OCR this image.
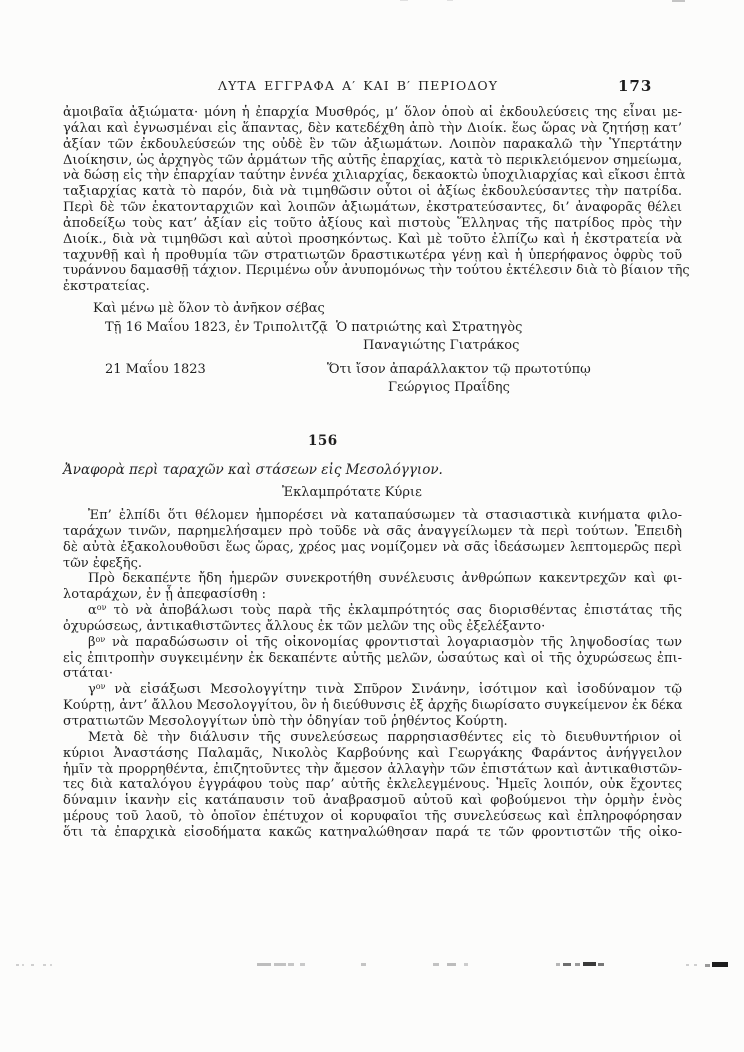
ΛΥΤΑ ΕΓΓΡΑΦΑ Α′ ΚΑΙ Β′ ΠΕΡΙΟΔΟΥ	173
ἀμοιβαῖα ἀξιώματα· μόνη ἡ ἐπαρχία Μυσθρός, μ’ ὅλον ὁποὺ αἱ ἐκδουλεύσεις της εἶναι με-
γάλαι καὶ ἐγνωσμέναι εἰς ἅπαντας, δὲν κατεδέχθη ἀπὸ τὴν Διοίκ. ἕως ὥρας νὰ ζητήσῃ κατ’
ἀξίαν τῶν ἐκδουλεύσεών της οὐδὲ ἓν τῶν ἀξιωμάτων. Λοιπὸν παρακαλῶ τὴν Ὑπερτάτην
Διοίκησιν, ὡς ἀρχηγὸς τῶν ἁρμάτων τῆς αὐτῆς ἐπαρχίας, κατὰ τὸ περικλειόμενον σημείωμα,
νὰ δώσῃ εἰς τὴν ἐπαρχίαν ταύτην ἐννέα χιλιαρχίας, δεκαοκτὼ ὑποχιλιαρχίας καὶ εἴκοσι ἑπτὰ
ταξιαρχίας κατὰ τὸ παρόν, διὰ νὰ τιμηθῶσιν οὗτοι οἱ ἀξίως ἐκδουλεύσαντες τὴν πατρίδα.
Περὶ δὲ τῶν ἑκατονταρχιῶν καὶ λοιπῶν ἀξιωμάτων, ἐκστρατεύσαντες, δι’ ἀναφορᾶς θέλει
ἀποδείξω τοὺς κατ’ ἀξίαν εἰς τοῦτο ἀξίους καὶ πιστοὺς Ἕλληνας τῆς πατρίδος πρὸς τὴν
Διοίκ., διὰ νὰ τιμηθῶσι καὶ αὐτοὶ προσηκόντως. Καὶ μὲ τοῦτο ἐλπίζω καὶ ἡ ἐκστρατεία νὰ
ταχυνθῇ καὶ ἡ προθυμία τῶν στρατιωτῶν δραστικωτέρα γένῃ καὶ ἡ ὑπερήφανος ὀφρὺς τοῦ
τυράννου δαμασθῇ τάχιον. Περιμένω οὖν ἀνυπομόνως τὴν τούτου ἐκτέλεσιν διὰ τὸ βίαιον τῆς
ἐκστρατείας.
Καὶ μένω μὲ ὅλον τὸ ἀνῆκον σέβας
Τῇ 16 Μαΐου 1823, ἐν Τριπολιτζᾷ Ὁ πατριώτης καὶ Στρατηγὸς
Παναγιώτης Γιατράκος
21 Μαΐου 1823	Ὅτι ἴσον ἀπαράλλακτον τῷ πρωτοτύπῳ
Γεώργιος Πραΐδης
156
Ἀναφορὰ περὶ ταραχῶν καὶ στάσεων εἰς Μεσολόγγιον.
Ἐκλαμπρότατε Κύριε
Ἐπ’ ἐλπίδι ὅτι θέλομεν ἠμπορέσει νὰ καταπαύσωμεν τὰ στασιαστικὰ κινήματα φιλο-
ταράχων τινῶν, παρημελήσαμεν πρὸ τοῦδε νὰ σᾶς ἀναγγείλωμεν τὰ περὶ τούτων. Ἐπειδὴ
δὲ αὐτὰ ἐξακολουθοῦσι ἕως ὥρας, χρέος μας νομίζομεν νὰ σᾶς ἰδεάσωμεν λεπτομερῶς περὶ
τῶν ἐφεξῆς.
Πρὸ δεκαπέντε ἤδη ἡμερῶν συνεκροτήθη συνέλευσις ἀνθρώπων κακεντρεχῶν καὶ φι-
λοταράχων, ἐν ᾗ ἀπεφασίσθη :
$\alpha^{o\nu}$ τὸ νὰ ἀποβάλωσι τοὺς παρὰ τῆς ἐκλαμπρότητός σας διορισθέντας ἐπιστάτας τῆς
ὀχυρώσεως, ἀντικαθιστῶντες ἄλλους ἐκ τῶν μελῶν της οὓς ἐξελέξαντο·
$\beta^{o\nu}$ νὰ παραδώσωσιν οἱ τῆς οἰκονομίας φροντισταὶ λογαριασμὸν τῆς ληψοδοσίας των
εἰς ἐπιτροπὴν συγκειμένην ἐκ δεκαπέντε αὐτῆς μελῶν, ὡσαύτως καὶ οἱ τῆς ὀχυρώσεως ἐπι-
στάται·
$\gamma^{o\nu}$ νὰ εἰσάξωσι Μεσολογγίτην τινὰ Σπῦρον Σινάνην, ἰσότιμον καὶ ἰσοδύναμον τῷ
Κούρτῃ, ἀντ’ ἄλλου Μεσολογγίτου, ὃν ἡ διεύθυνσις ἐξ ἀρχῆς διωρίσατο συγκείμενον ἐκ δέκα
στρατιωτῶν Μεσολογγίτων ὑπὸ τὴν ὁδηγίαν τοῦ ῥηθέντος Κούρτη.
Μετὰ δὲ τὴν διάλυσιν τῆς συνελεύσεως παρρησιασθέντες εἰς τὸ διευθυντήριον οἱ
κύριοι Ἀναστάσης Παλαμᾶς, Νικολὸς Καρβούνης καὶ Γεωργάκης Φαράντος ἀνήγγειλον
ἡμῖν τὰ προρρηθέντα, ἐπιζητοῦντες τὴν ἄμεσον ἀλλαγὴν τῶν ἐπιστάτων καὶ ἀντικαθιστῶν-
τες διὰ καταλόγου ἐγγράφου τοὺς παρ’ αὐτῆς ἐκλελεγμένους. Ἡμεῖς λοιπόν, οὐκ ἔχοντες
δύναμιν ἱκανὴν εἰς κατάπαυσιν τοῦ ἀναβρασμοῦ αὐτοῦ καὶ φοβούμενοι τὴν ὁρμὴν ἑνὸς
μέρους τοῦ λαοῦ, τὸ ὁποῖον ἐπέτυχον οἱ κορυφαῖοι τῆς συνελεύσεως καὶ ἐπληροφόρησαν
ὅτι τὰ ἐπαρχικὰ εἰσοδήματα κακῶς κατηναλώθησαν παρά τε τῶν φροντιστῶν τῆς οἰκο-
